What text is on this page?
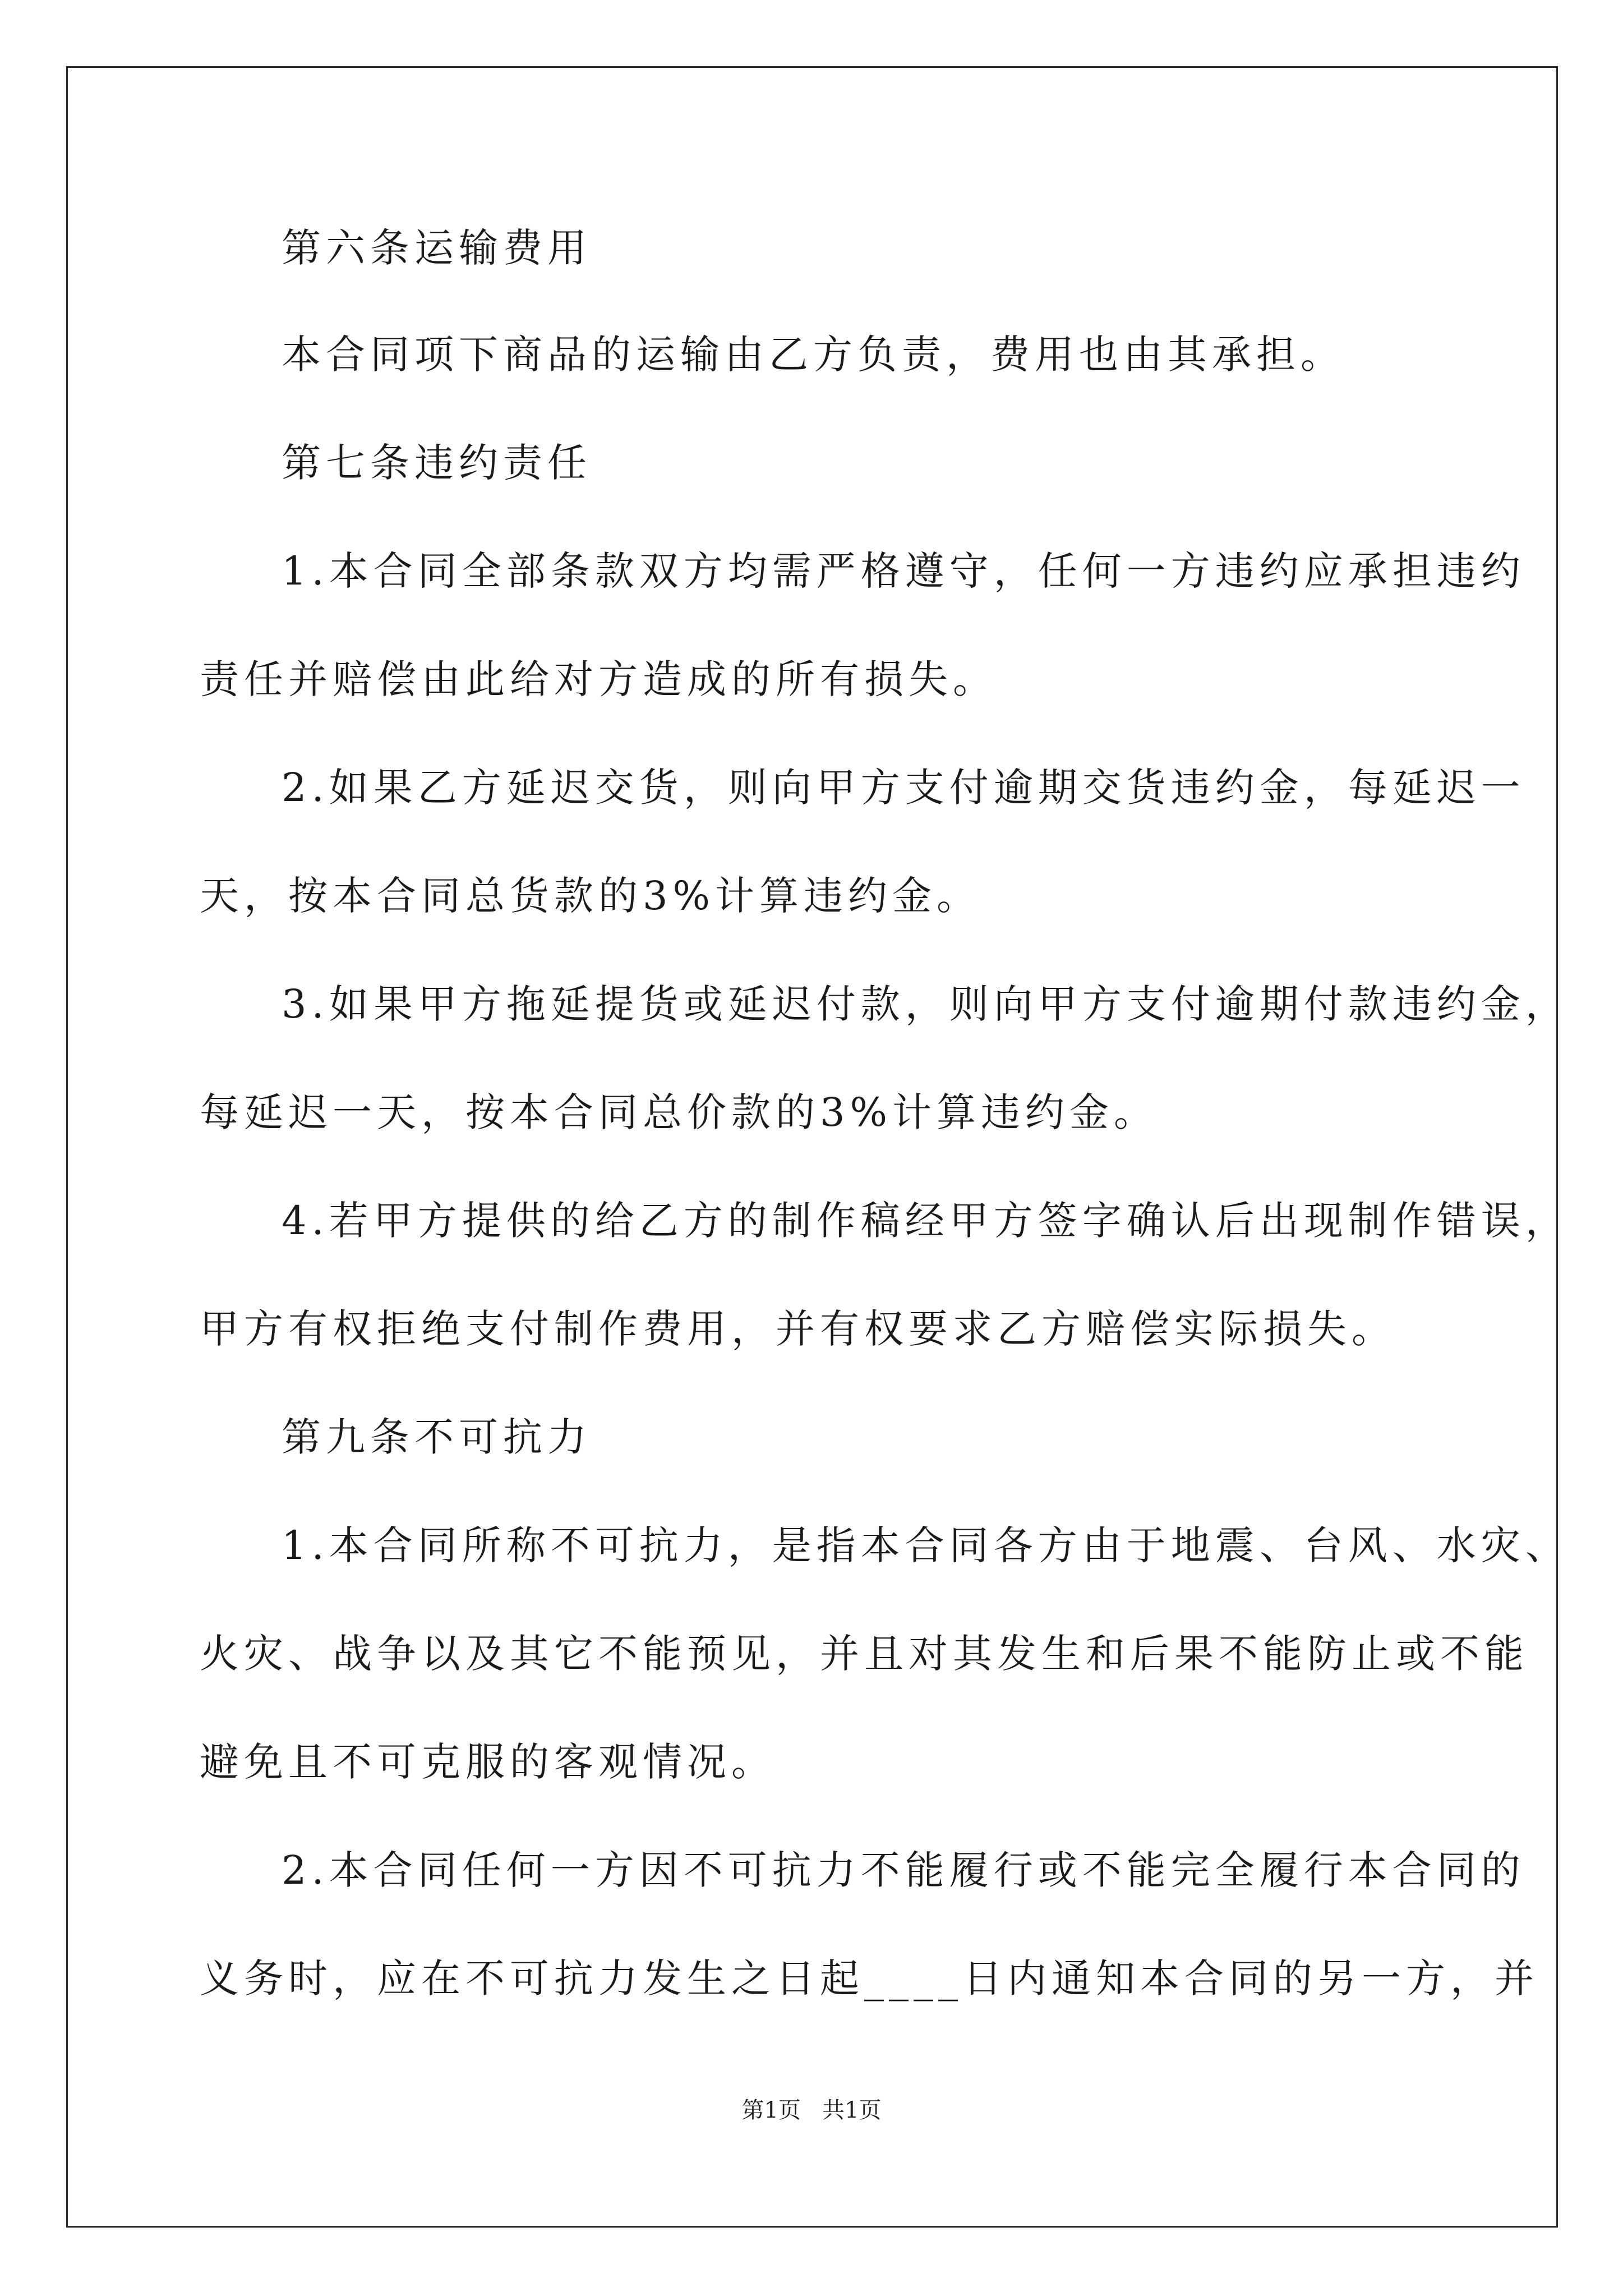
第六条运输费用
本合同项下商品的运输由乙方负责，费用也由其承担。
第七条违约责任
1.本合同全部条款双方均需严格遵守，任何一方违约应承担违约
责任并赔偿由此给对方造成的所有损失。
2.如果乙方延迟交货，则向甲方支付逾期交货违约金，每延迟一
天，按本合同总货款的3%计算违约金。
3.如果甲方拖延提货或延迟付款，则向甲方支付逾期付款违约金，
每延迟一天，按本合同总价款的3%计算违约金。
4.若甲方提供的给乙方的制作稿经甲方签字确认后出现制作错误，
甲方有权拒绝支付制作费用，并有权要求乙方赔偿实际损失。
第九条不可抗力
1.本合同所称不可抗力，是指本合同各方由于地震、台风、水灾、
火灾、战争以及其它不能预见，并且对其发生和后果不能防止或不能
避免且不可克服的客观情况。
2.本合同任何一方因不可抗力不能履行或不能完全履行本合同的
义务时，应在不可抗力发生之日起____日内通知本合同的另一方，并
第1页   共1页
